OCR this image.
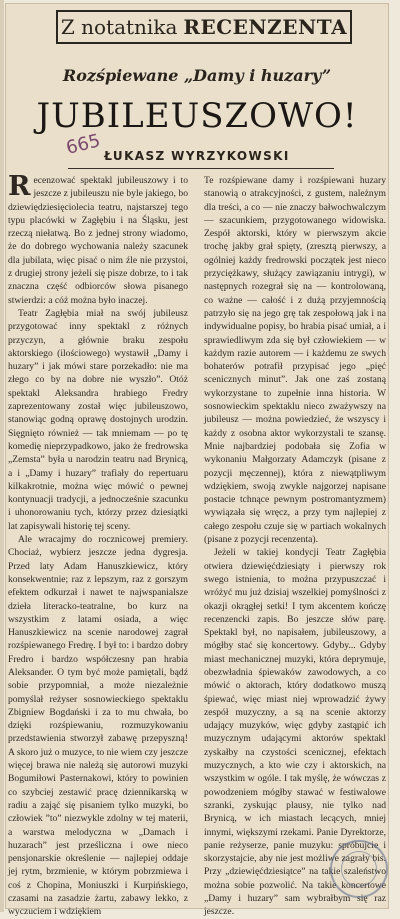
Z notatnika RECENZENTA
Rozśpiewane „Damy i huzary”
JUBILEUSZOWO!
665 ŁUKASZ WYRZYKOWSKI

Recenzować spektakl jubileuszowy i to jeszcze z jubileuszu nie byle jakiego, bo dziewiędziesięciolecia teatru, najstarszej tego typu placówki w Zagłębiu i na Śląsku, jest rzeczą niełatwą. Bo z jednej strony wiadomo, że do dobrego wychowania należy szacunek dla jubilata, więc pisać o nim źle nie przystoi, z drugiej strony jeżeli się pisze dobrze, to i tak znaczna część odbiorców słowa pisanego stwierdzi: a cóż można było inaczej.

Teatr Zagłębia miał na swój jubileusz przygotować inny spektakl z różnych przyczyn, a głównie braku zespołu aktorskiego (ilościowego) wystawił „Damy i huzary” i jak mówi stare porzekadło: nie ma złego co by na dobre nie wyszło”. Otóż spektakl Aleksandra hrabiego Fredry zaprezentowany został więc jubileuszowo, stanowiąc godną oprawę dostojnych urodzin. Sięgnięto również — tak mniemam — po tę komedię nieprzypadkowo, jako że fredrowska „Zemsta” była u narodzin teatru nad Brynicą, a i „Damy i huzary” trafiały do repertuaru kilkakrotnie, można więc mówić o pewnej kontynuacji tradycji, a jednocześnie szacunku i uhonorowaniu tych, którzy przez dziesiątki lat zapisywali historię tej sceny.

Ale wracajmy do rocznicowej premiery. Chociaż, wybierz jeszcze jedna dygresja. Przed laty Adam Hanuszkiewicz, który konsekwentnie; raz z lepszym, raz z gorszym efektem odkurzał i nawet te najwspanialsze dzieła literacko-teatralne, bo kurz na wszystkim z latami osiada, a więc Hanuszkiewicz na scenie narodowej zagrał rozśpiewanego Fredrę. I był to: i bardzo dobry Fredro i bardzo współczesny pan hrabia Aleksander. O tym być może pamiętali, bądź sobie przypomniał, a może niezależnie pomyślał reżyser sosnowieckiego spektaklu Zbigniew Bogdański i za to mu chwała, bo dzięki rozśpiewaniu, rozmuzykowaniu przedstawienia stworzył zabawę przepyszną! A skoro już o muzyce, to nie wiem czy jeszcze więcej brawa nie należą się autorowi muzyki Bogumiłowi Pasternakowi, który to powinien co szybciej zestawić pracę dziennikarską w radiu a zająć się pisaniem tylko muzyki, bo człowiek ”to” niezwykle zdolny w tej materii, a warstwa melodyczna w „Damach i huzarach” jest prześliczna i owe nieco pensjonarskie określenie — najlepiej oddaje jej rytm, brzmienie, w którym pobrzmiewa i coś z Chopina, Moniuszki i Kurpińskiego, czasami na zasadzie żartu, zabawy lekko, z wyczuciem i wdziękiem

Te rozśpiewane damy i rozśpiewani huzary stanowią o atrakcyjności, z gustem, należnym dla treści, a co — nie znaczy bałwochwalczym — szacunkiem, przygotowanego widowiska. Zespół aktorski, który w pierwszym akcie trochę jakby grał spięty, (zresztą pierwszy, a ogólniej każdy fredrowski początek jest nieco przyciężkawy, służący zawiązaniu intrygi), w następnych rozegrał się na — kontrolowaną, co ważne — całość i z dużą przyjemnością patrzyło się na jego grę tak zespołową jak i na indywidualne popisy, bo hrabia pisać umiał, a i sprawiedliwym zda się był człowiekiem — w każdym razie autorem — i każdemu ze swych bohaterów potrafił przypisać jego „pięć scenicznych minut”. Jak one zaś zostaną wykorzystane to zupełnie inna historia. W sosnowieckim spektaklu nieco zważywszy na jubileusz — można powiedzieć, że wszyscy i każdy z osobna aktor wykorzystali te szansę. Mnie najbardziej podobała się Zofia w wykonaniu Małgorzaty Adamczyk (pisane z pozycji męczennej), która z niewątpliwym wdziękiem, swoją zwykle najgorzej napisane postacie tchnące pewnym postromantyzmem) wywiązała się wręcz, a przy tym najlepiej z całego zespołu czuje się w partiach wokalnych (pisane z pozycji recenzenta).

Jeżeli w takiej kondycji Teatr Zagłębia otwiera dziewięćdziesiąty i pierwszy rok swego istnienia, to można przypuszczać i wróżyć mu już dzisiaj wszelkiej pomyślności z okazji okrągłej setki! I tym akcentem kończę recenzencki zapis. Bo jeszcze słów parę. Spektakl był, no napisałem, jubileuszowy, a mógłby stać się koncertowy. Gdyby... Gdyby miast mechanicznej muzyki, która deprymuje, obezwładnia śpiewaków zawodowych, a co mówić o aktorach, który dodatkowo muszą śpiewać, więc miast niej wprowadzić żywy zespół muzyczny, a są na scenie aktorzy udający muzyków, więc gdyby zastąpić ich muzycznym udającymi aktorów spektakl zyskałby na czystości scenicznej, efektach muzycznych, a kto wie czy i aktorskich, na wszystkim w ogóle. I tak myślę, że wówczas z powodzeniem mógłby stawać w festiwalowe szranki, zyskując plausy, nie tylko nad Brynicą, w ich miastach lecących, mniej innymi, większymi rzekami. Panie Dyrektorze, panie reżyserze, panie muzyku: spróbujcie i skorzystajcie, aby nie jest możliwe zagrały bis. Przy „dziewięćdziesiątce” na takie szaleństwo można sobie pozwolić. Na takie koncertowe „Damy i huzary” sam wybrałbym się raz jeszcze.
